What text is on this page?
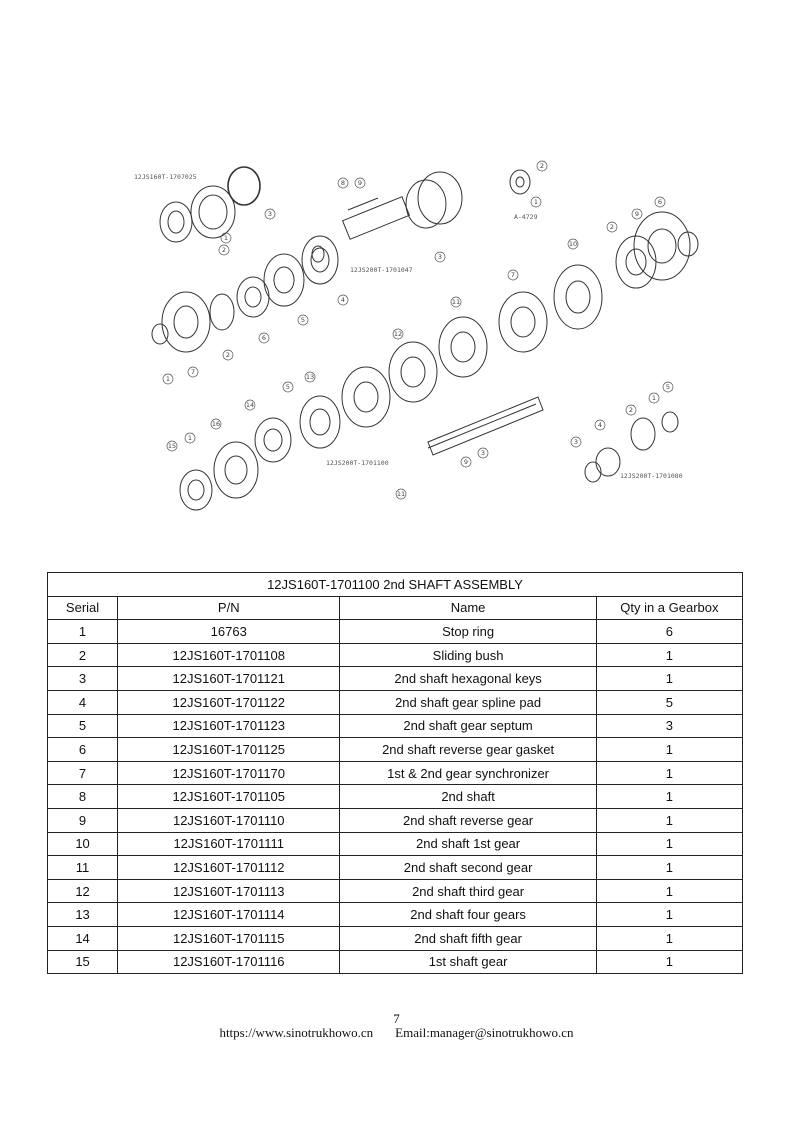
2
1
3
8 9
3
4
5
6
2
7
1
2
1	6
9
2
10
7
11
12
13
5
14
16
1
15
9
3
11
5
1
2
4
3
12JS160T-1707025
12JS200T-1701047
A-4729
12JS200T-1701100
12JS200T-1701080
12JS160T-1701100 2nd SHAFT ASSEMBLY			
Serial	P/N	Name	Qty in a Gearbox
1	16763	Stop ring	6
2	12JS160T-1701108	Sliding bush	1
3	12JS160T-1701121	2nd shaft hexagonal keys	1
4	12JS160T-1701122	2nd shaft gear spline pad	5
5	12JS160T-1701123	2nd shaft gear septum	3
6	12JS160T-1701125	2nd shaft reverse gear gasket	1
7	12JS160T-1701170	1st & 2nd gear synchronizer	1
8	12JS160T-1701105	2nd shaft	1
9	12JS160T-1701110	2nd shaft reverse gear	1
10	12JS160T-1701111	2nd shaft 1st gear	1
11	12JS160T-1701112	2nd shaft second gear	1
12	12JS160T-1701113	2nd shaft third gear	1
13	12JS160T-1701114	2nd shaft four gears	1
14	12JS160T-1701115	2nd shaft fifth gear	1
15	12JS160T-1701116	1st shaft gear	1
7
https://www.sinotrukhowo.cn Email:manager@sinotrukhowo.cn
